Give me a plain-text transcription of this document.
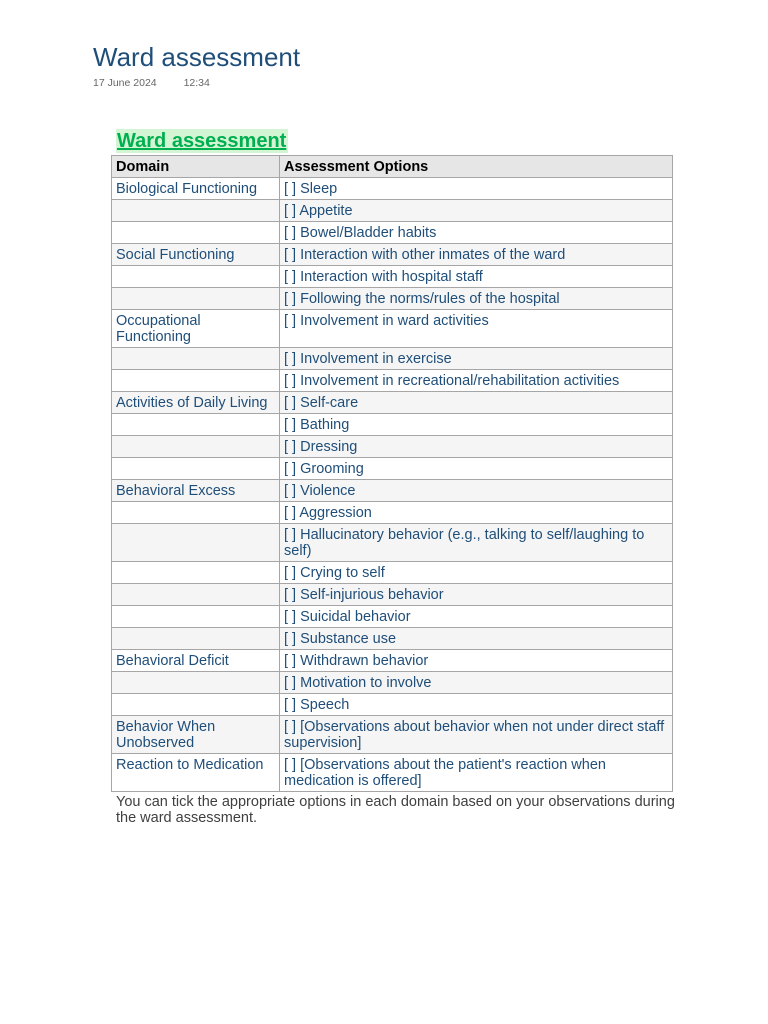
Ward assessment
17 June 2024	12:34
Ward assessment
Domain	Assessment Options
Biological Functioning	[ ] Sleep
	[ ] Appetite
	[ ] Bowel/Bladder habits
Social Functioning	[ ] Interaction with other inmates of the ward
	[ ] Interaction with hospital staff
	[ ] Following the norms/rules of the hospital
Occupational Functioning	[ ] Involvement in ward activities
	[ ] Involvement in exercise
	[ ] Involvement in recreational/rehabilitation activities
Activities of Daily Living	[ ] Self-care
	[ ] Bathing
	[ ] Dressing
	[ ] Grooming
Behavioral Excess	[ ] Violence
	[ ] Aggression
	[ ] Hallucinatory behavior (e.g., talking to self/laughing to self)
	[ ] Crying to self
	[ ] Self-injurious behavior
	[ ] Suicidal behavior
	[ ] Substance use
Behavioral Deficit	[ ] Withdrawn behavior
	[ ] Motivation to involve
	[ ] Speech
Behavior When Unobserved	[ ] [Observations about behavior when not under direct staff supervision]
Reaction to Medication	[ ] [Observations about the patient's reaction when medication is offered]
You can tick the appropriate options in each domain based on your observations during the ward assessment.
